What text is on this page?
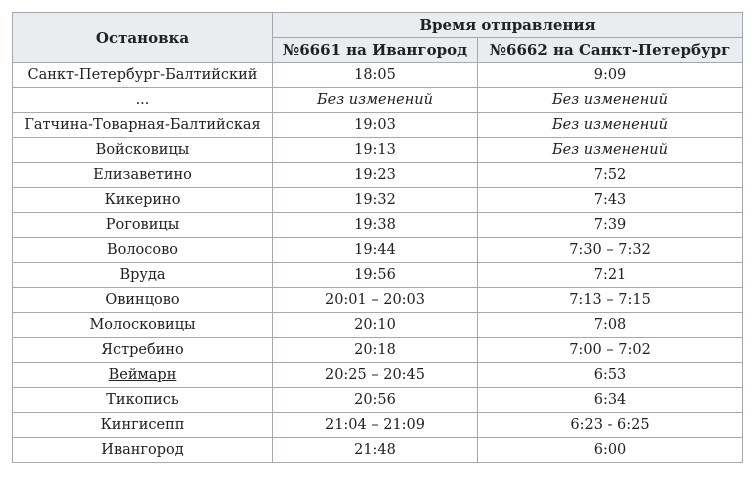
Остановка	Время отправления	
	№6661 на Ивангород	№6662 на Санкт-Петербург
Санкт-Петербург-Балтийский	18:05	9:09
...	Без изменений	Без изменений
Гатчина-Товарная-Балтийская	19:03	Без изменений
Войсковицы	19:13	Без изменений
Елизаветино	19:23	7:52
Кикерино	19:32	7:43
Роговицы	19:38	7:39
Волосово	19:44	7:30 – 7:32
Вруда	19:56	7:21
Овинцово	20:01 – 20:03	7:13 – 7:15
Молосковицы	20:10	7:08
Ястребино	20:18	7:00 – 7:02
Веймарн	20:25 – 20:45	6:53
Тикопись	20:56	6:34
Кингисепп	21:04 – 21:09	6:23 - 6:25
Ивангород	21:48	6:00
